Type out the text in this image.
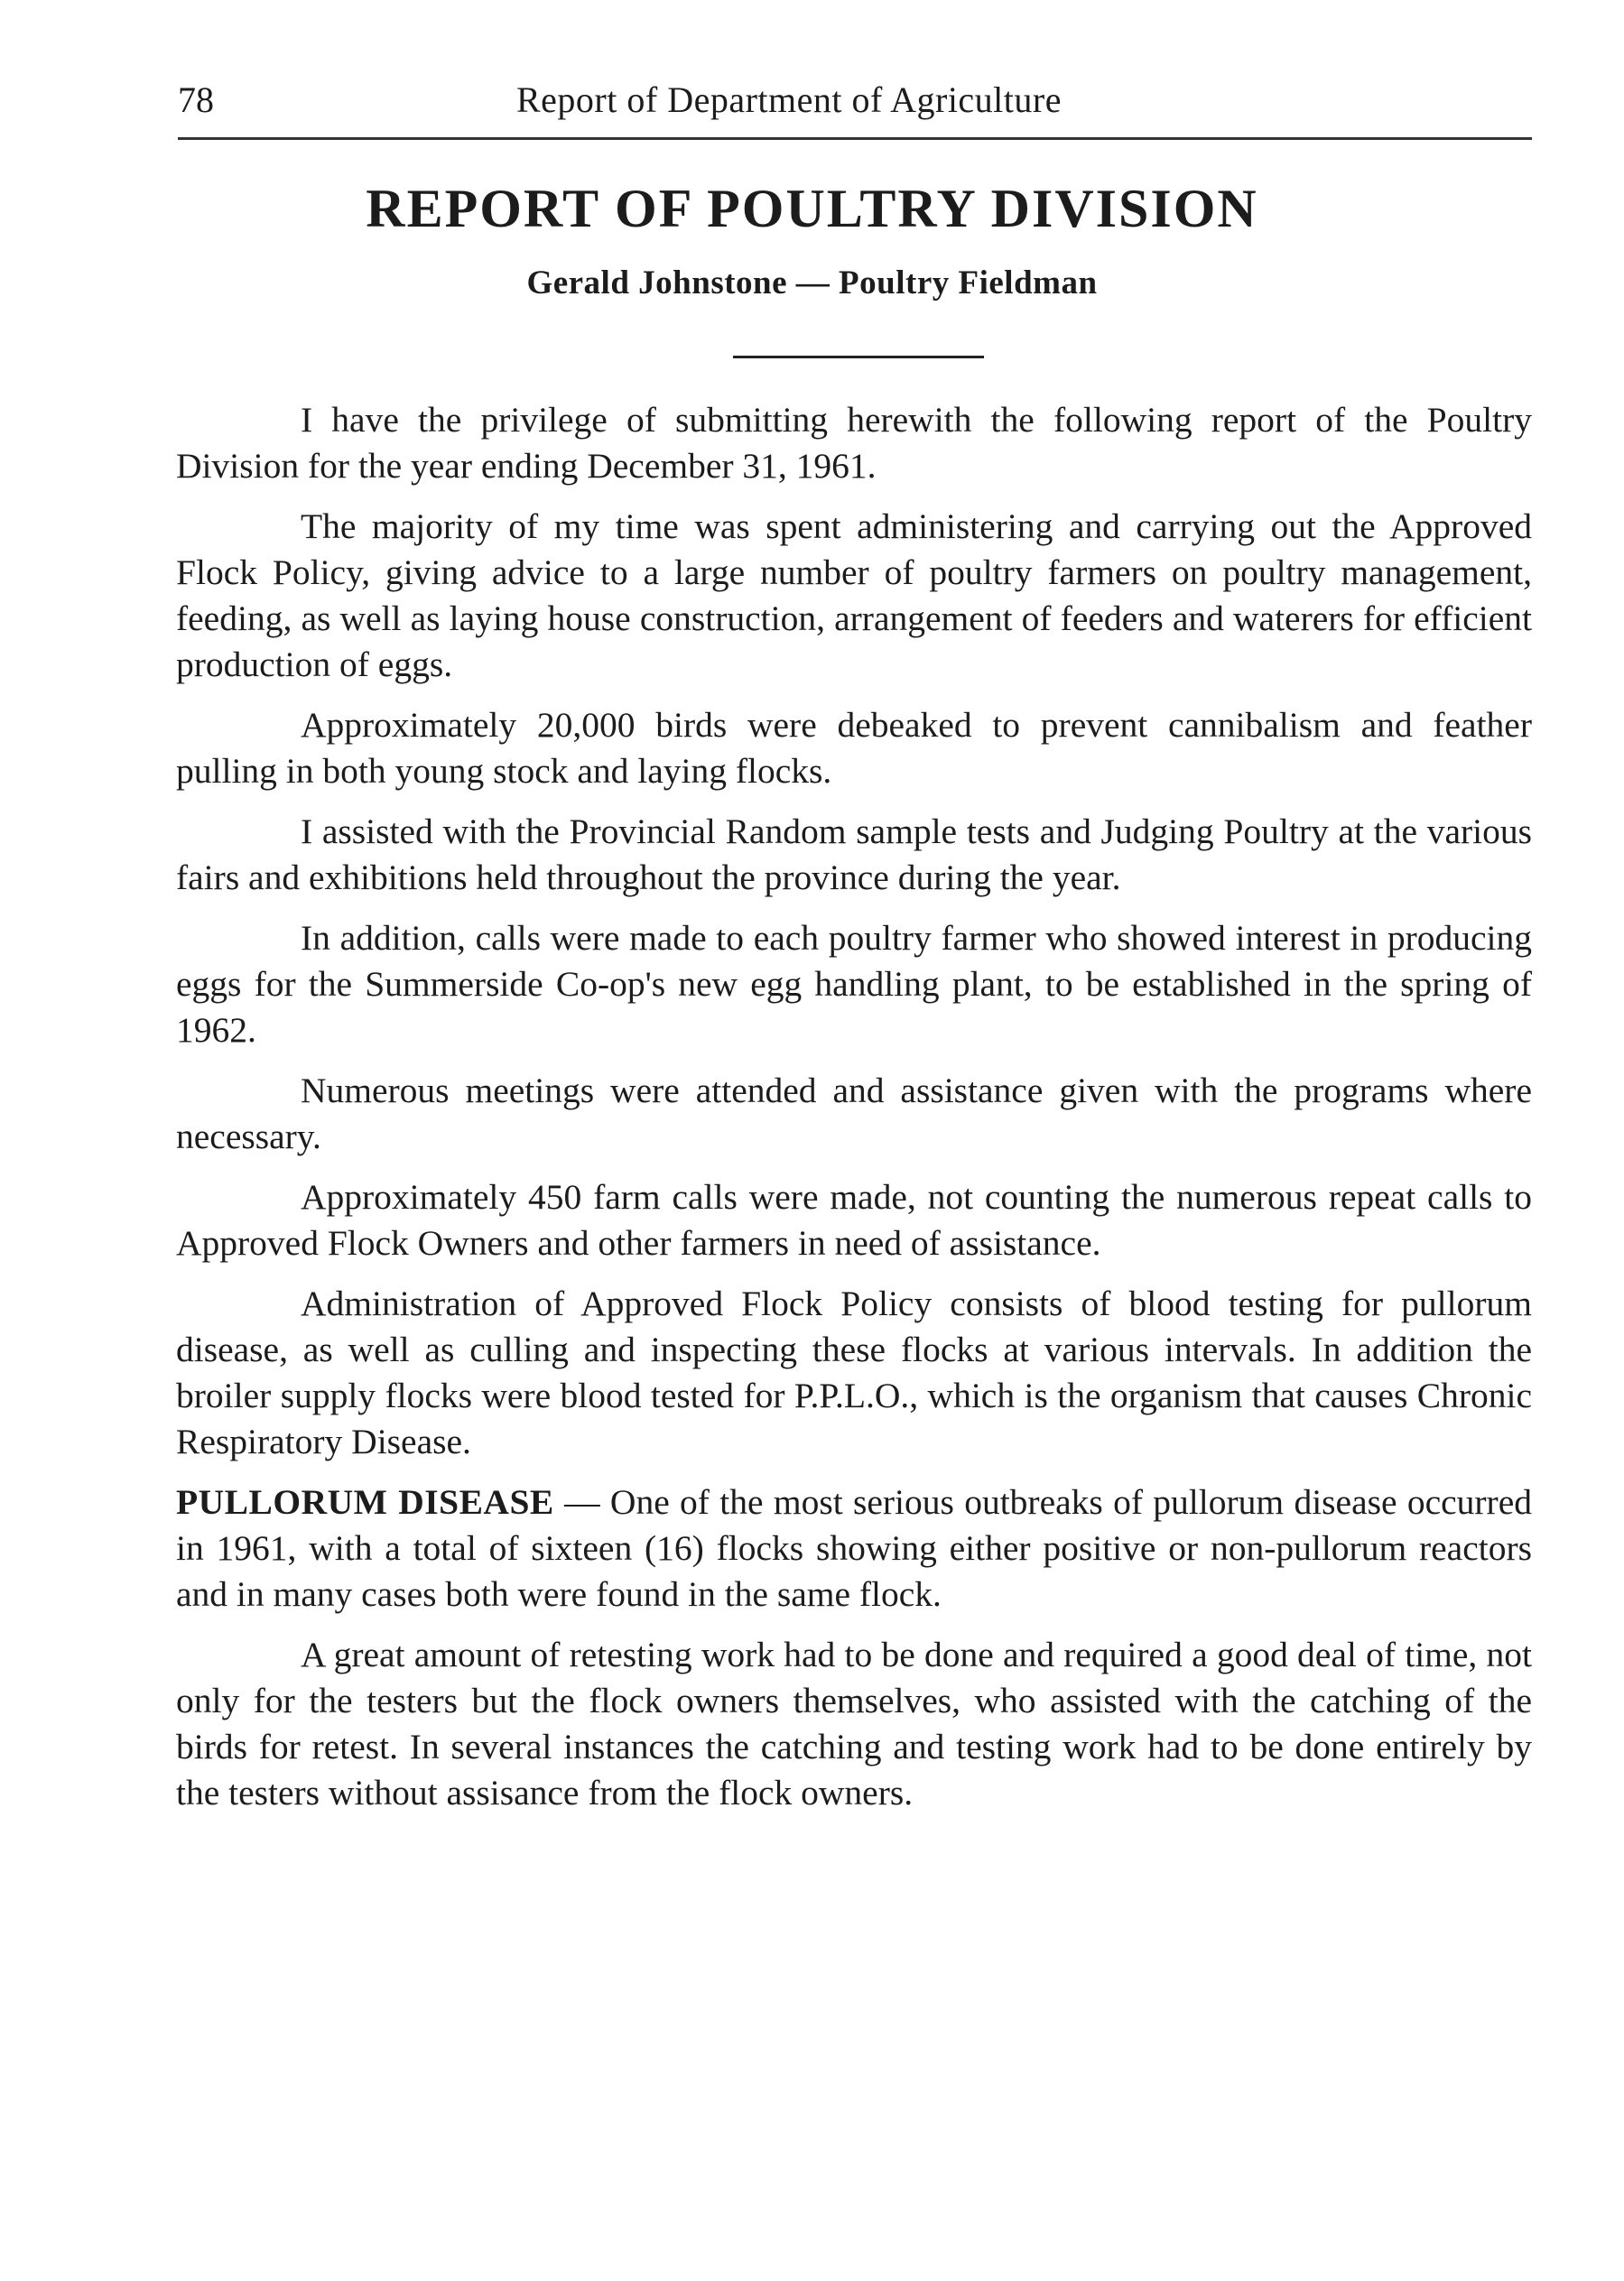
78	Report of Department of Agriculture
REPORT OF POULTRY DIVISION
Gerald Johnstone — Poultry Fieldman

I have the privilege of submitting herewith the following report of the Poultry Division for the year ending December 31, 1961.

The majority of my time was spent administering and carrying out the Approved Flock Policy, giving advice to a large number of poultry farmers on poultry management, feeding, as well as laying house construction, arrangement of feeders and waterers for efficient production of eggs.

Approximately 20,000 birds were debeaked to prevent cannibalism and feather pulling in both young stock and laying flocks.

I assisted with the Provincial Random sample tests and Judging Poultry at the various fairs and exhibitions held throughout the province during the year.

In addition, calls were made to each poultry farmer who showed interest in producing eggs for the Summerside Co-op's new egg handling plant, to be established in the spring of 1962.

Numerous meetings were attended and assistance given with the programs where necessary.

Approximately 450 farm calls were made, not counting the numerous repeat calls to Approved Flock Owners and other farmers in need of assistance.

Administration of Approved Flock Policy consists of blood testing for pullorum disease, as well as culling and inspecting these flocks at various intervals. In addition the broiler supply flocks were blood tested for P.P.L.O., which is the organism that causes Chronic Respiratory Disease.

PULLORUM DISEASE — One of the most serious outbreaks of pullorum disease occurred in 1961, with a total of sixteen (16) flocks showing either positive or non-pullorum reactors and in many cases both were found in the same flock.

A great amount of retesting work had to be done and required a good deal of time, not only for the testers but the flock owners themselves, who assisted with the catching of the birds for retest. In several instances the catching and testing work had to be done entirely by the testers without assisance from the flock owners.
